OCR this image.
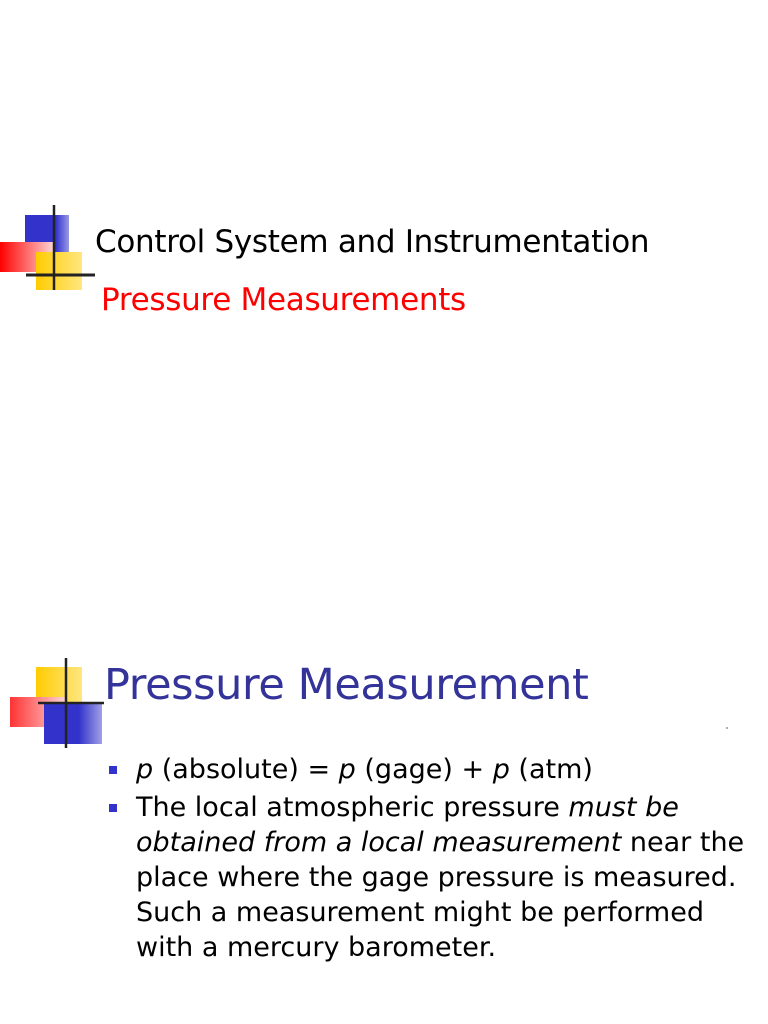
Control System and Instrumentation
Pressure Measurements
Pressure Measurement
p (absolute) = p (gage) + p (atm)
The local atmospheric pressure must be obtained from a local measurement near the place where the gage pressure is measured. Such a measurement might be performed with a mercury barometer.
